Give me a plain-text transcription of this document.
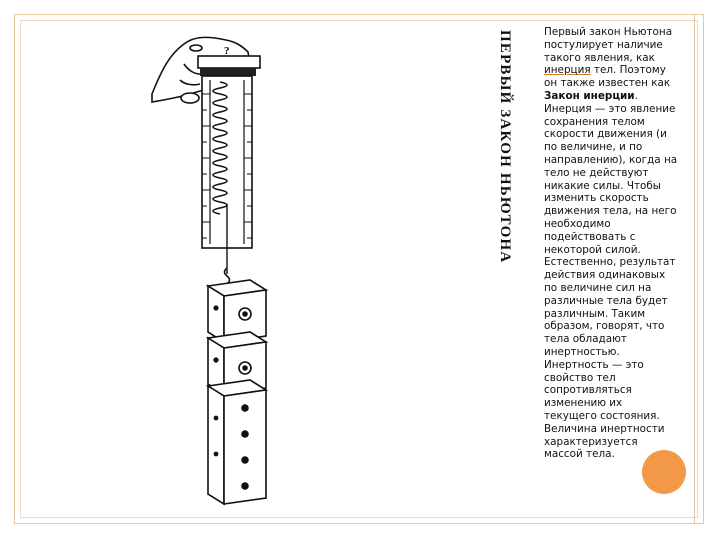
?	ПЕРВЫЙ ЗАКОН НЬЮТОНА	Первый закон Ньютона постулирует наличие такого явления, как инерция тел. Поэтому он также известен как Закон инерции. Инерция — это явление сохранения телом скорости движения (и по величине, и по направлению), когда на тело не действуют никакие силы. Чтобы изменить скорость движения тела, на него необходимо подействовать с некоторой силой. Естественно, результат действия одинаковых по величине сил на различные тела будет различным. Таким образом, говорят, что тела обладают инертностью. Инертность — это свойство тел сопротивляться изменению их текущего состояния. Величина инертности характеризуется массой тела.
